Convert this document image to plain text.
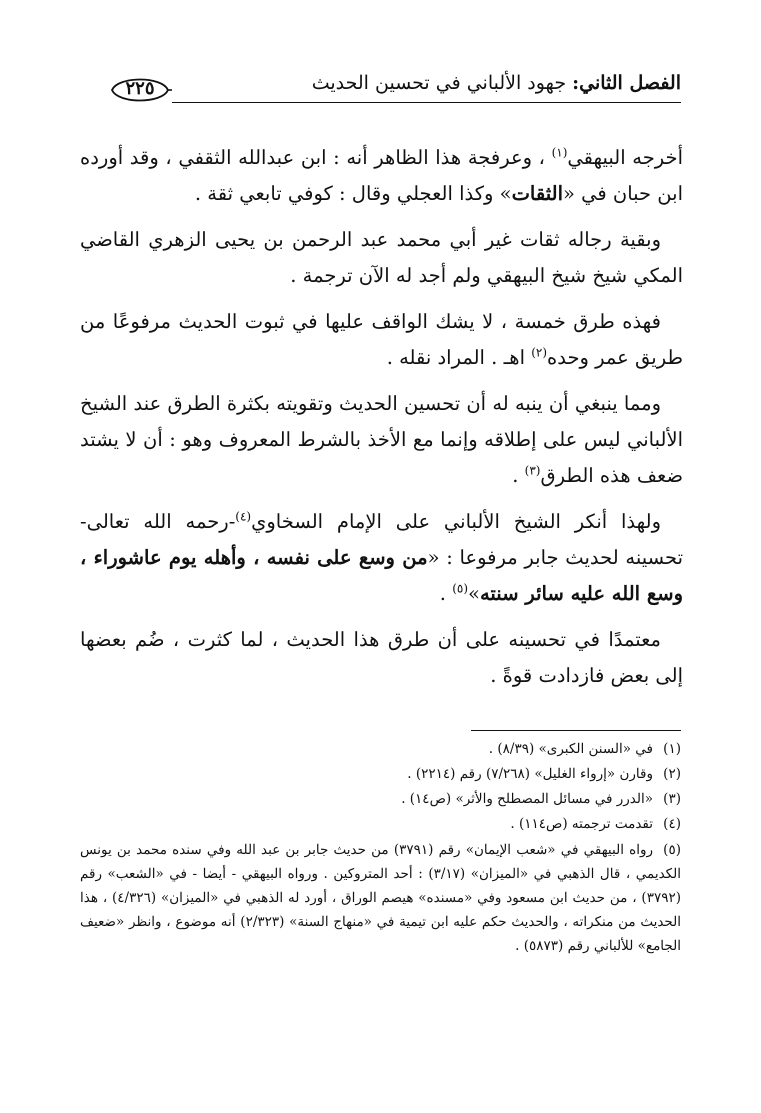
الفصل الثاني: جهود الألباني في تحسين الحديث
٢٢٥

أخرجه البيهقي$^{(١)}$ ، وعرفجة هذا الظاهر أنه : ابن عبدالله الثقفي ، وقد أورده ابن حبان في «الثقات» وكذا العجلي وقال : كوفي تابعي ثقة .

وبقية رجاله ثقات غير أبي محمد عبد الرحمن بن يحيى الزهري القاضي المكي شيخ شيخ البيهقي ولم أجد له الآن ترجمة .

فهذه طرق خمسة ، لا يشك الواقف عليها في ثبوت الحديث مرفوعًا من طريق عمر وحده$^{(٢)}$ اهـ . المراد نقله .

ومما ينبغي أن ينبه له أن تحسين الحديث وتقويته بكثرة الطرق عند الشيخ الألباني ليس على إطلاقه وإنما مع الأخذ بالشرط المعروف وهو : أن لا يشتد ضعف هذه الطرق$^{(٣)}$ .

ولهذا أنكر الشيخ الألباني على الإمام السخاوي$^{(٤)}$-رحمه الله تعالى- تحسينه لحديث جابر مرفوعا : «من وسع على نفسه ، وأهله يوم عاشوراء ، وسع الله عليه سائر سنته»$^{(٥)}$ .

معتمدًا في تحسينه على أن طرق هذا الحديث ، لما كثرت ، ضُم بعضها إلى بعض فازدادت قوةً .

(١)في «السنن الكبرى» (٨/٣٩) .

(٢)وقارن «إرواء الغليل» (٧/٢٦٨) رقم (٢٢١٤) .

(٣)«الدرر في مسائل المصطلح والأثر» (ص١٤) .

(٤)تقدمت ترجمته (ص١١٤) .

(٥)رواه البيهقي في «شعب الإيمان» رقم (٣٧٩١) من حديث جابر بن عبد الله وفي سنده محمد بن يونس الكديمي ، قال الذهبي في «الميزان» (٣/١٧) : أحد المتروكين . ورواه البيهقي - أيضا - في «الشعب» رقم (٣٧٩٢) ، من حديث ابن مسعود وفي «مسنده» هيصم الوراق ، أورد له الذهبي في «الميزان» (٤/٣٢٦) ، هذا الحديث من منكراته ، والحديث حكم عليه ابن تيمية في «منهاج السنة» (٢/٣٢٣) أنه موضوع ، وانظر «ضعيف الجامع» للألباني رقم (٥٨٧٣) .
